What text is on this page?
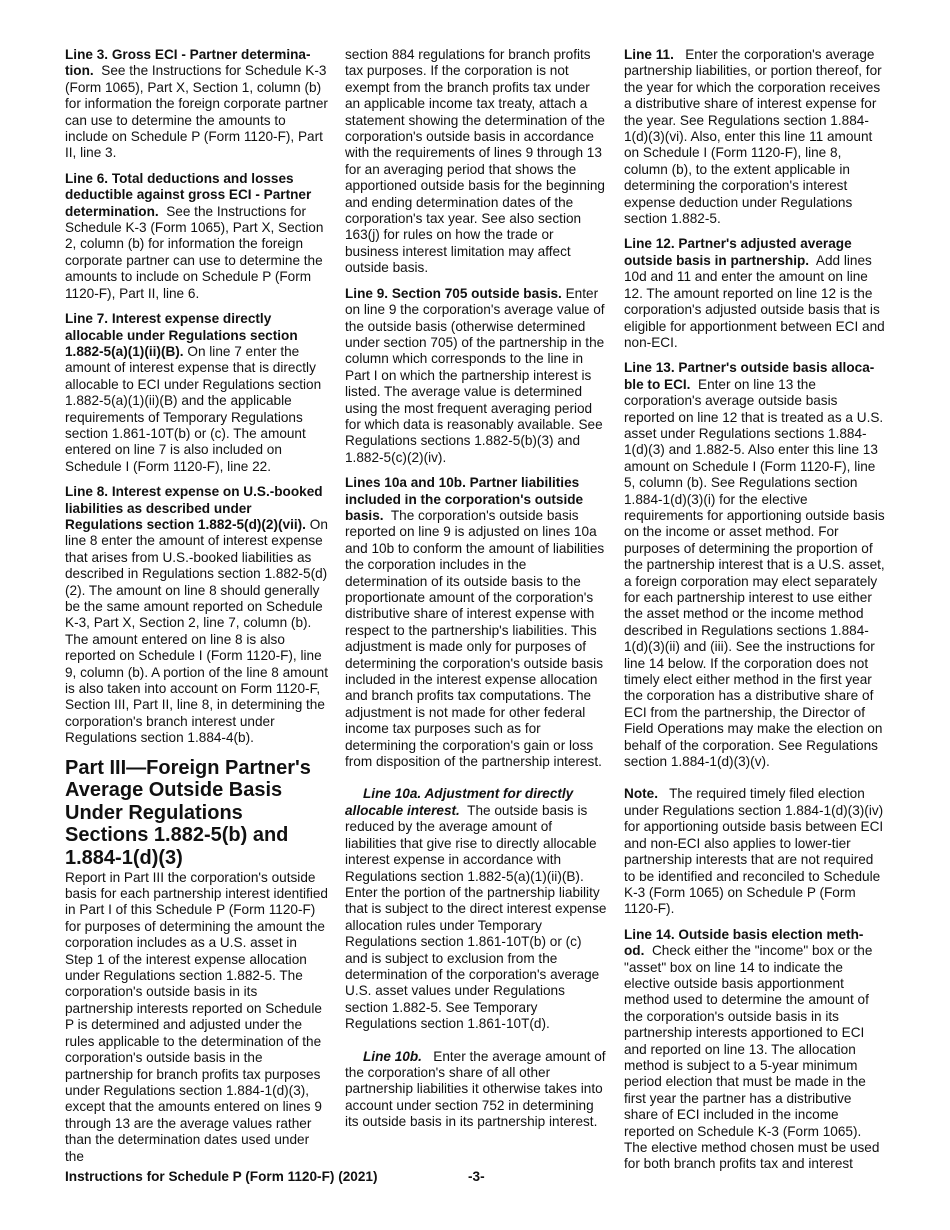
Line 3. Gross ECI - Partner determina-tion. See the Instructions for Schedule K-3 (Form 1065), Part X, Section 1, column (b) for information the foreign corporate partner can use to determine the amounts to include on Schedule P (Form 1120-F), Part II, line 3.

Line 6. Total deductions and losses deductible against gross ECI - Partner determination. See the Instructions for Schedule K-3 (Form 1065), Part X, Section 2, column (b) for information the foreign corporate partner can use to determine the amounts to include on Schedule P (Form 1120-F), Part II, line 6.

Line 7. Interest expense directly allocable under Regulations section 1.882-5(a)(1)(ii)(B). On line 7 enter the amount of interest expense that is directly allocable to ECI under Regulations section 1.882-5(a)(1)(ii)(B) and the applicable requirements of Temporary Regulations section 1.861-10T(b) or (c). The amount entered on line 7 is also included on Schedule I (Form 1120-F), line 22.

Line 8. Interest expense on U.S.-booked liabilities as described under Regulations section 1.882-5(d)(2)(vii). On line 8 enter the amount of interest expense that arises from U.S.-booked liabilities as described in Regulations section 1.882-5(d)(2). The amount on line 8 should generally be the same amount reported on Schedule K-3, Part X, Section 2, line 7, column (b). The amount entered on line 8 is also reported on Schedule I (Form 1120-F), line 9, column (b). A portion of the line 8 amount is also taken into account on Form 1120-F, Section III, Part II, line 8, in determining the corporation's branch interest under Regulations section 1.884-4(b).

Part III—Foreign Partner's Average Outside Basis Under Regulations Sections 1.882-5(b) and 1.884-1(d)(3)

Report in Part III the corporation's outside basis for each partnership interest identified in Part I of this Schedule P (Form 1120-F) for purposes of determining the amount the corporation includes as a U.S. asset in Step 1 of the interest expense allocation under Regulations section 1.882-5. The corporation's outside basis in its partnership interests reported on Schedule P is determined and adjusted under the rules applicable to the determination of the corporation's outside basis in the partnership for branch profits tax purposes under Regulations section 1.884-1(d)(3), except that the amounts entered on lines 9 through 13 are the average values rather than the determination dates used under the

section 884 regulations for branch profits tax purposes. If the corporation is not exempt from the branch profits tax under an applicable income tax treaty, attach a statement showing the determination of the corporation's outside basis in accordance with the requirements of lines 9 through 13 for an averaging period that shows the apportioned outside basis for the beginning and ending determination dates of the corporation's tax year. See also section 163(j) for rules on how the trade or business interest limitation may affect outside basis.

Line 9. Section 705 outside basis. Enter on line 9 the corporation's average value of the outside basis (otherwise determined under section 705) of the partnership in the column which corresponds to the line in Part I on which the partnership interest is listed. The average value is determined using the most frequent averaging period for which data is reasonably available. See Regulations sections 1.882-5(b)(3) and 1.882-5(c)(2)(iv).

Lines 10a and 10b. Partner liabilities included in the corporation's outside basis. The corporation's outside basis reported on line 9 is adjusted on lines 10a and 10b to conform the amount of liabilities the corporation includes in the determination of its outside basis to the proportionate amount of the corporation's distributive share of interest expense with respect to the partnership's liabilities. This adjustment is made only for purposes of determining the corporation's outside basis included in the interest expense allocation and branch profits tax computations. The adjustment is not made for other federal income tax purposes such as for determining the corporation's gain or loss from disposition of the partnership interest.

Line 10a. Adjustment for directly allocable interest. The outside basis is reduced by the average amount of liabilities that give rise to directly allocable interest expense in accordance with Regulations section 1.882-5(a)(1)(ii)(B). Enter the portion of the partnership liability that is subject to the direct interest expense allocation rules under Temporary Regulations section 1.861-10T(b) or (c) and is subject to exclusion from the determination of the corporation's average U.S. asset values under Regulations section 1.882-5. See Temporary Regulations section 1.861-10T(d).

Line 10b. Enter the average amount of the corporation's share of all other partnership liabilities it otherwise takes into account under section 752 in determining its outside basis in its partnership interest.

Line 11. Enter the corporation's average partnership liabilities, or portion thereof, for the year for which the corporation receives a distributive share of interest expense for the year. See Regulations section 1.884-1(d)(3)(vi). Also, enter this line 11 amount on Schedule I (Form 1120-F), line 8, column (b), to the extent applicable in determining the corporation's interest expense deduction under Regulations section 1.882-5.

Line 12. Partner's adjusted average outside basis in partnership. Add lines 10d and 11 and enter the amount on line 12. The amount reported on line 12 is the corporation's adjusted outside basis that is eligible for apportionment between ECI and non-ECI.

Line 13. Partner's outside basis alloca-ble to ECI. Enter on line 13 the corporation's average outside basis reported on line 12 that is treated as a U.S. asset under Regulations sections 1.884-1(d)(3) and 1.882-5. Also enter this line 13 amount on Schedule I (Form 1120-F), line 5, column (b). See Regulations section 1.884-1(d)(3)(i) for the elective requirements for apportioning outside basis on the income or asset method. For purposes of determining the proportion of the partnership interest that is a U.S. asset, a foreign corporation may elect separately for each partnership interest to use either the asset method or the income method described in Regulations sections 1.884-1(d)(3)(ii) and (iii). See the instructions for line 14 below. If the corporation does not timely elect either method in the first year the corporation has a distributive share of ECI from the partnership, the Director of Field Operations may make the election on behalf of the corporation. See Regulations section 1.884-1(d)(3)(v).

Note. The required timely filed election under Regulations section 1.884-1(d)(3)(iv) for apportioning outside basis between ECI and non-ECI also applies to lower-tier partnership interests that are not required to be identified and reconciled to Schedule K-3 (Form 1065) on Schedule P (Form 1120-F).

Line 14. Outside basis election meth-od. Check either the "income" box or the "asset" box on line 14 to indicate the elective outside basis apportionment method used to determine the amount of the corporation's outside basis in its partnership interests apportioned to ECI and reported on line 13. The allocation method is subject to a 5-year minimum period election that must be made in the first year the partner has a distributive share of ECI included in the income reported on Schedule K-3 (Form 1065). The elective method chosen must be used for both branch profits tax and interest

Instructions for Schedule P (Form 1120-F) (2021)	-3-
